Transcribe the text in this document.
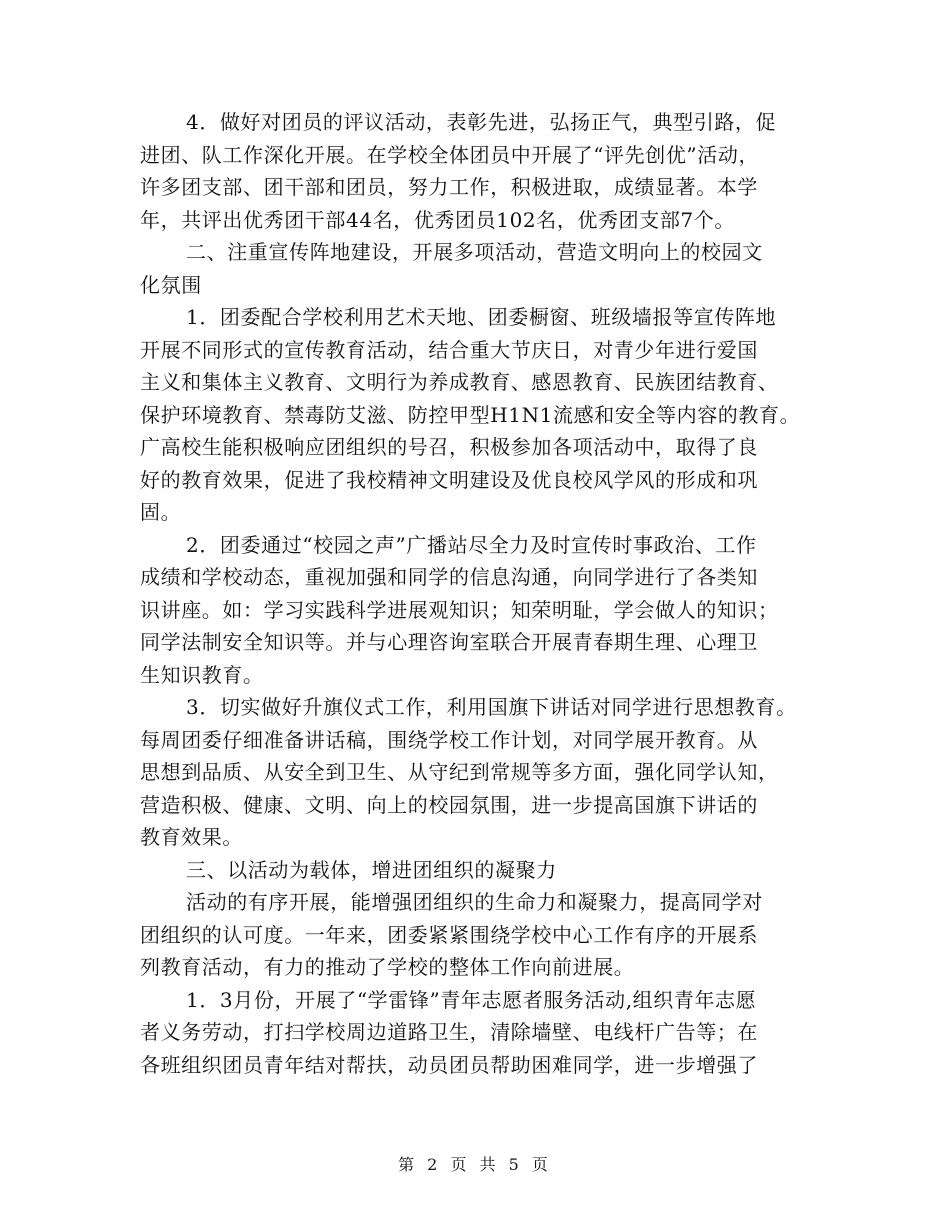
4．做好对团员的评议活动，表彰先进，弘扬正气，典型引路，促
进团、队工作深化开展。在学校全体团员中开展了“评先创优”活动，
许多团支部、团干部和团员，努力工作，积极进取，成绩显著。本学
年，共评出优秀团干部44名，优秀团员102名，优秀团支部7个。
二、注重宣传阵地建设，开展多项活动，营造文明向上的校园文
化氛围
1．团委配合学校利用艺术天地、团委橱窗、班级墙报等宣传阵地
开展不同形式的宣传教育活动，结合重大节庆日，对青少年进行爱国
主义和集体主义教育、文明行为养成教育、感恩教育、民族团结教育、
保护环境教育、禁毒防艾滋、防控甲型H1N1流感和安全等内容的教育。
广高校生能积极响应团组织的号召，积极参加各项活动中，取得了良
好的教育效果，促进了我校精神文明建设及优良校风学风的形成和巩
固。
2．团委通过“校园之声”广播站尽全力及时宣传时事政治、工作
成绩和学校动态，重视加强和同学的信息沟通，向同学进行了各类知
识讲座。如：学习实践科学进展观知识；知荣明耻，学会做人的知识；
同学法制安全知识等。并与心理咨询室联合开展青春期生理、心理卫
生知识教育。
3．切实做好升旗仪式工作，利用国旗下讲话对同学进行思想教育。
每周团委仔细准备讲话稿，围绕学校工作计划，对同学展开教育。从
思想到品质、从安全到卫生、从守纪到常规等多方面，强化同学认知，
营造积极、健康、文明、向上的校园氛围，进一步提高国旗下讲话的
教育效果。
三、以活动为载体，增进团组织的凝聚力
活动的有序开展，能增强团组织的生命力和凝聚力，提高同学对
团组织的认可度。一年来，团委紧紧围绕学校中心工作有序的开展系
列教育活动，有力的推动了学校的整体工作向前进展。
1．3月份，开展了“学雷锋”青年志愿者服务活动,组织青年志愿
者义务劳动，打扫学校周边道路卫生，清除墙壁、电线杆广告等；在
各班组织团员青年结对帮扶，动员团员帮助困难同学，进一步增强了
第 2 页 共 5 页
